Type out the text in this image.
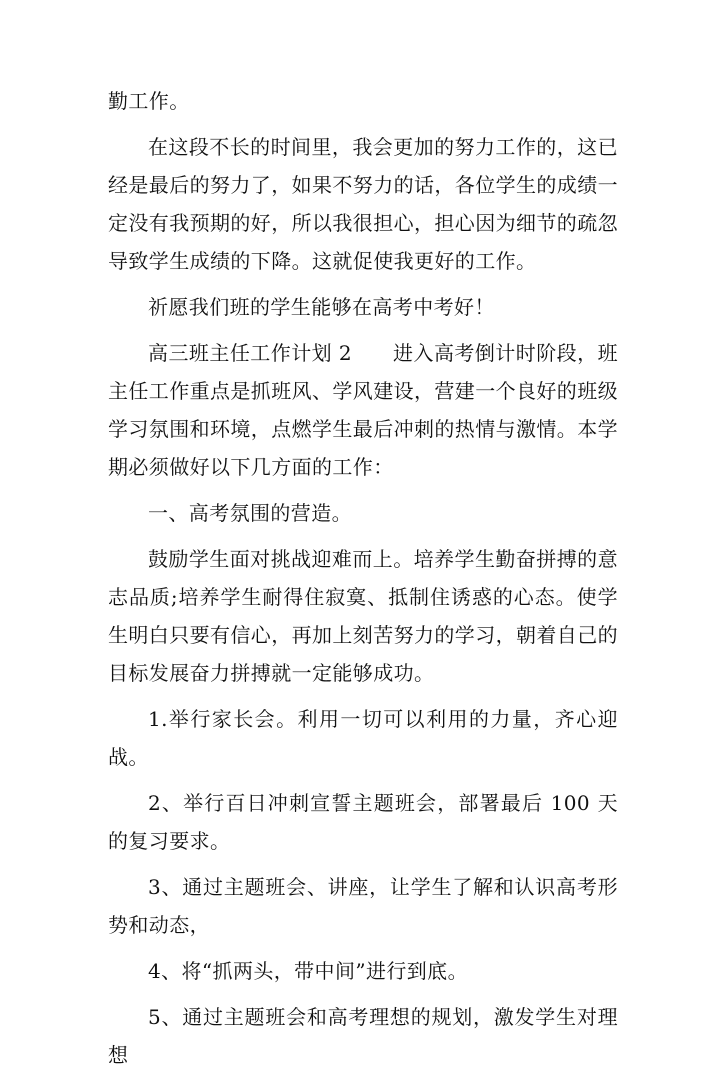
勤工作。

在这段不长的时间里，我会更加的努力工作的，这已经是最后的努力了，如果不努力的话，各位学生的成绩一定没有我预期的好，所以我很担心，担心因为细节的疏忽导致学生成绩的下降。这就促使我更好的工作。

祈愿我们班的学生能够在高考中考好！

高三班主任工作计划 2　　进入高考倒计时阶段，班主任工作重点是抓班风、学风建设，营建一个良好的班级学习氛围和环境，点燃学生最后冲刺的热情与激情。本学期必须做好以下几方面的工作：

一、高考氛围的营造。

鼓励学生面对挑战迎难而上。培养学生勤奋拼搏的意志品质;培养学生耐得住寂寞、抵制住诱惑的心态。使学生明白只要有信心，再加上刻苦努力的学习，朝着自己的目标发展奋力拼搏就一定能够成功。

1.举行家长会。利用一切可以利用的力量，齐心迎战。

2、举行百日冲刺宣誓主题班会，部署最后 100 天的复习要求。

3、通过主题班会、讲座，让学生了解和认识高考形势和动态，

4、将“抓两头，带中间”进行到底。

5、通过主题班会和高考理想的规划，激发学生对理想
